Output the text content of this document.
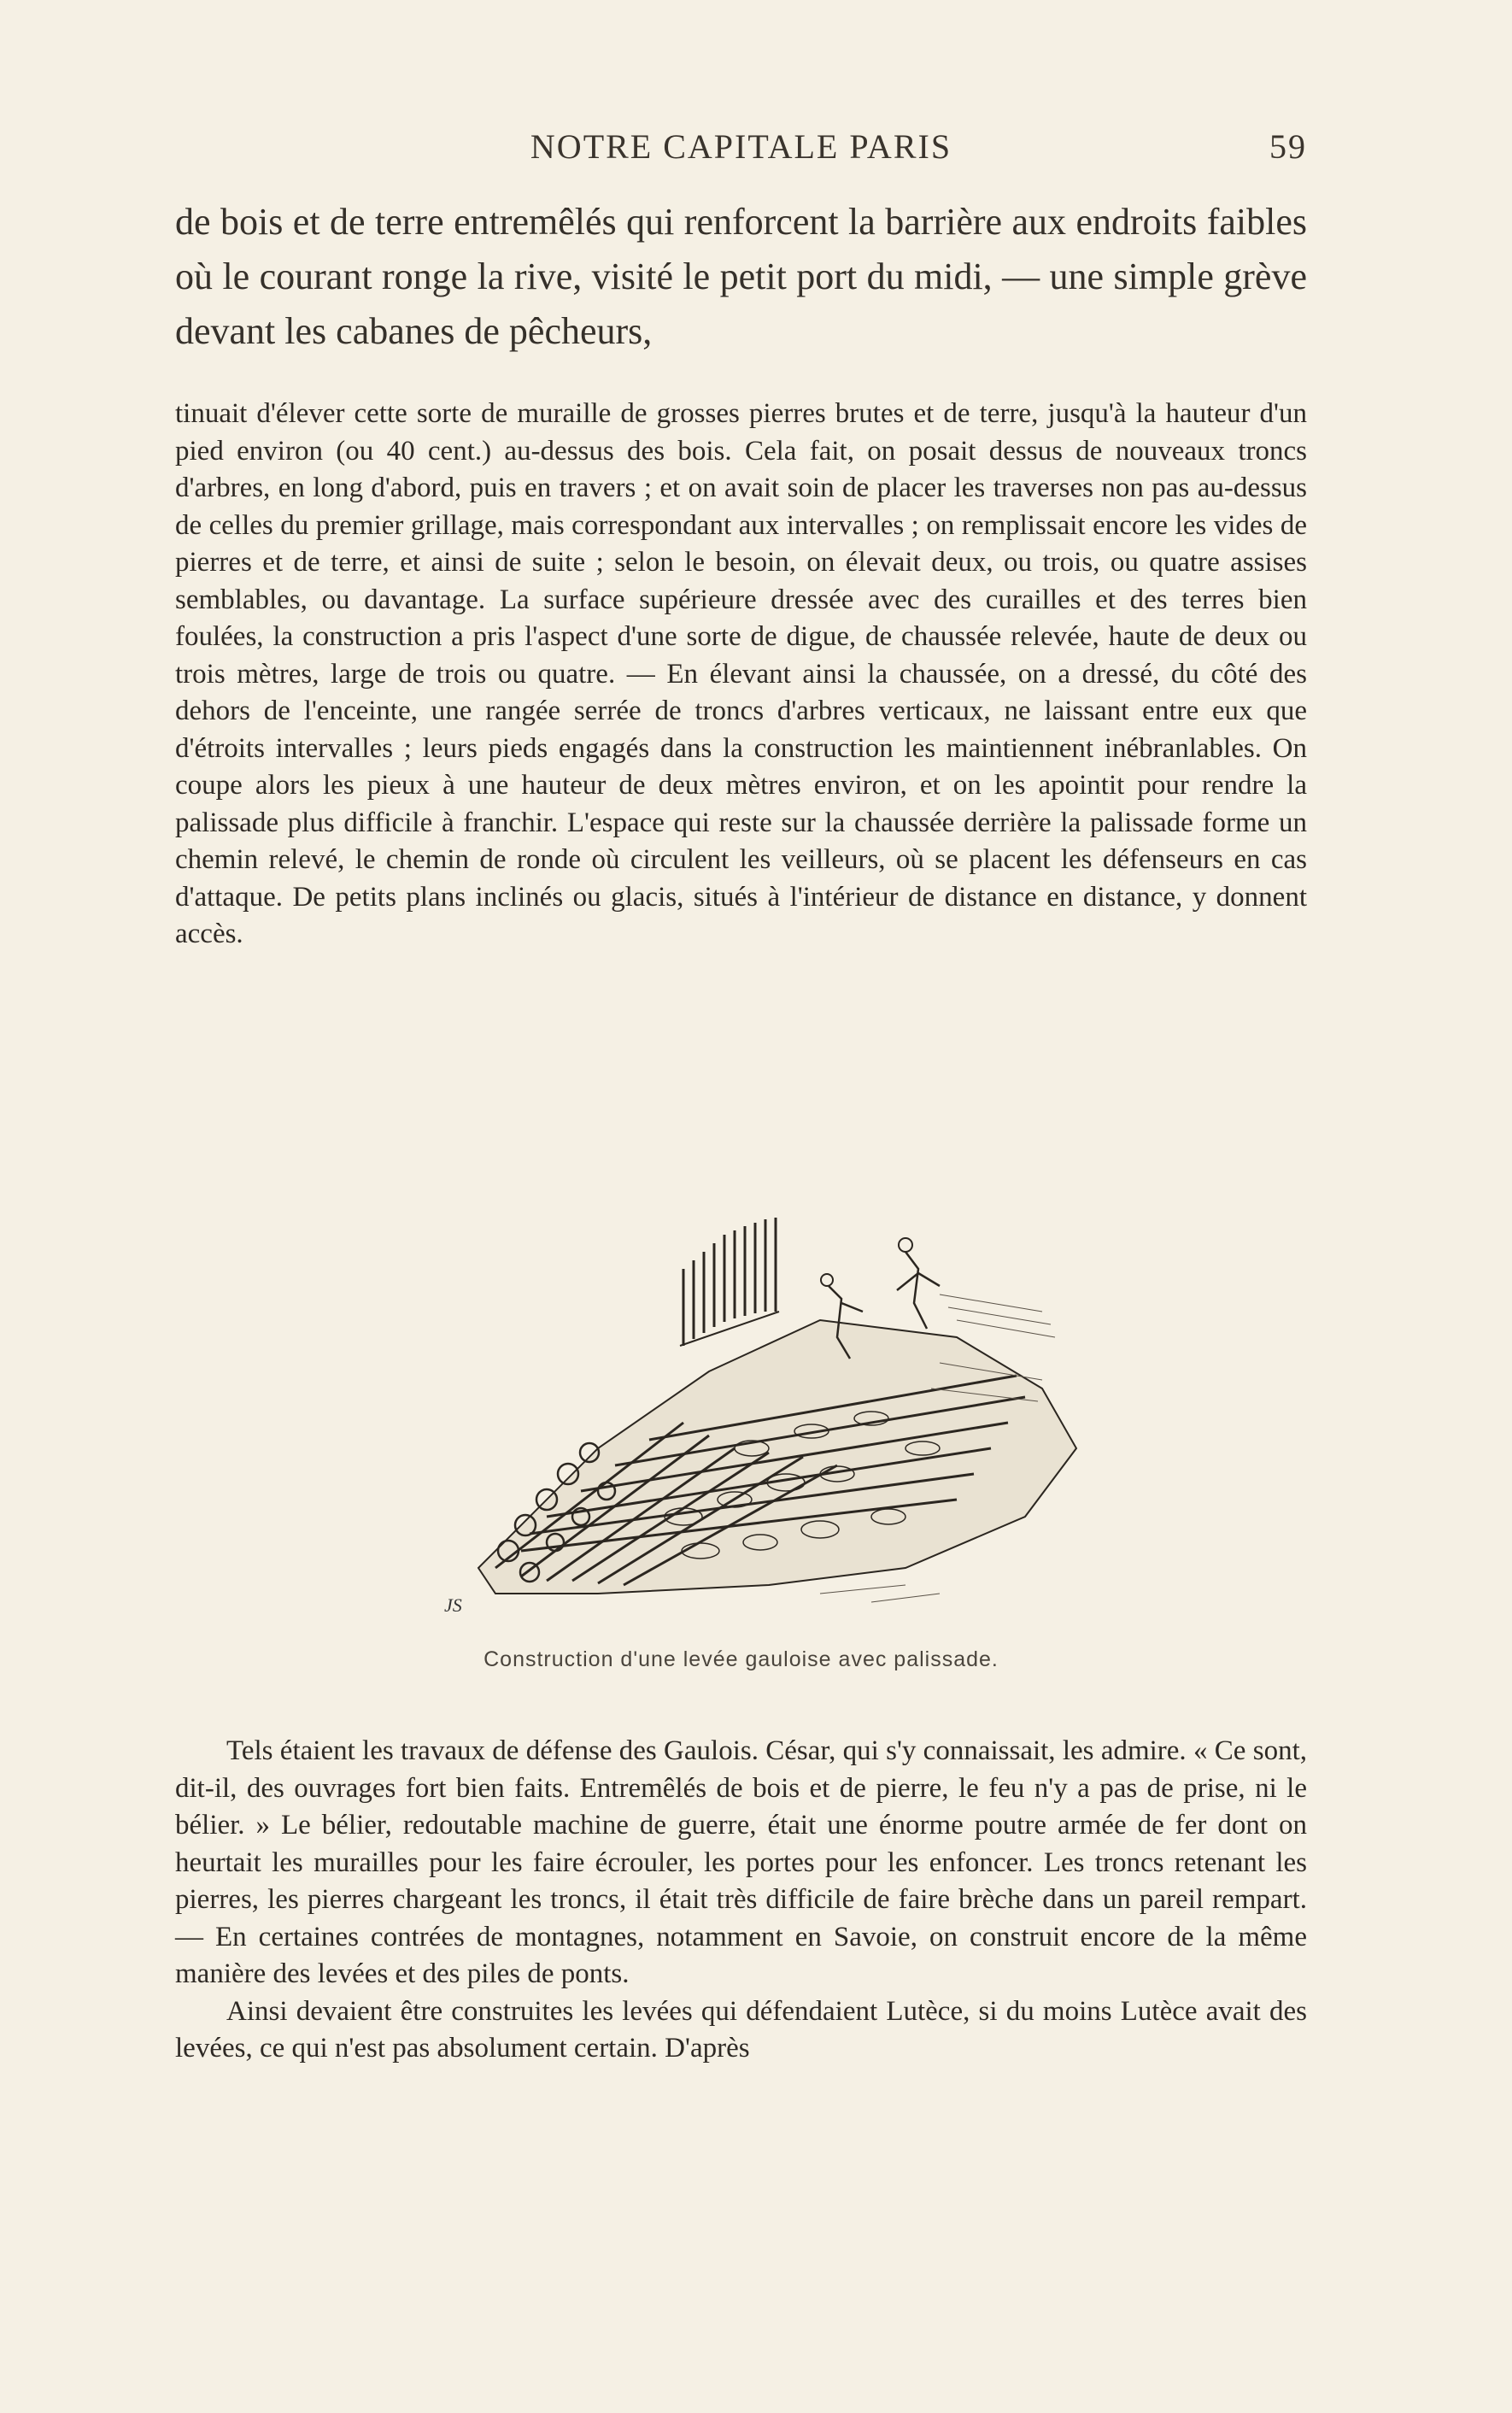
NOTRE CAPITALE PARIS	59
de bois et de terre entremêlés qui renforcent la barrière aux endroits faibles où le courant ronge la rive, visité le petit port du midi, — une simple grève devant les cabanes de pêcheurs,

tinuait d'élever cette sorte de muraille de grosses pierres brutes et de terre, jusqu'à la hauteur d'un pied environ (ou 40 cent.) au-dessus des bois. Cela fait, on posait dessus de nouveaux troncs d'arbres, en long d'abord, puis en travers ; et on avait soin de placer les traverses non pas au-dessus de celles du premier grillage, mais correspondant aux intervalles ; on remplissait encore les vides de pierres et de terre, et ainsi de suite ; selon le besoin, on élevait deux, ou trois, ou quatre assises semblables, ou davantage. La surface supérieure dressée avec des curailles et des terres bien foulées, la construction a pris l'aspect d'une sorte de digue, de chaussée relevée, haute de deux ou trois mètres, large de trois ou quatre. — En élevant ainsi la chaussée, on a dressé, du côté des dehors de l'enceinte, une rangée serrée de troncs d'arbres verticaux, ne laissant entre eux que d'étroits intervalles ; leurs pieds engagés dans la construction les maintiennent inébranlables. On coupe alors les pieux à une hauteur de deux mètres environ, et on les apointit pour rendre la palissade plus difficile à franchir. L'espace qui reste sur la chaussée derrière la palissade forme un chemin relevé, le chemin de ronde où circulent les veilleurs, où se placent les défenseurs en cas d'attaque. De petits plans inclinés ou glacis, situés à l'intérieur de distance en distance, y donnent accès.

JS
Construction d'une levée gauloise avec palissade.

Tels étaient les travaux de défense des Gaulois. César, qui s'y connaissait, les admire. « Ce sont, dit-il, des ouvrages fort bien faits. Entremêlés de bois et de pierre, le feu n'y a pas de prise, ni le bélier. » Le bélier, redoutable machine de guerre, était une énorme poutre armée de fer dont on heurtait les murailles pour les faire écrouler, les portes pour les enfoncer. Les troncs retenant les pierres, les pierres chargeant les troncs, il était très difficile de faire brèche dans un pareil rempart. — En certaines contrées de montagnes, notamment en Savoie, on construit encore de la même manière des levées et des piles de ponts.

Ainsi devaient être construites les levées qui défendaient Lutèce, si du moins Lutèce avait des levées, ce qui n'est pas absolument certain. D'après
